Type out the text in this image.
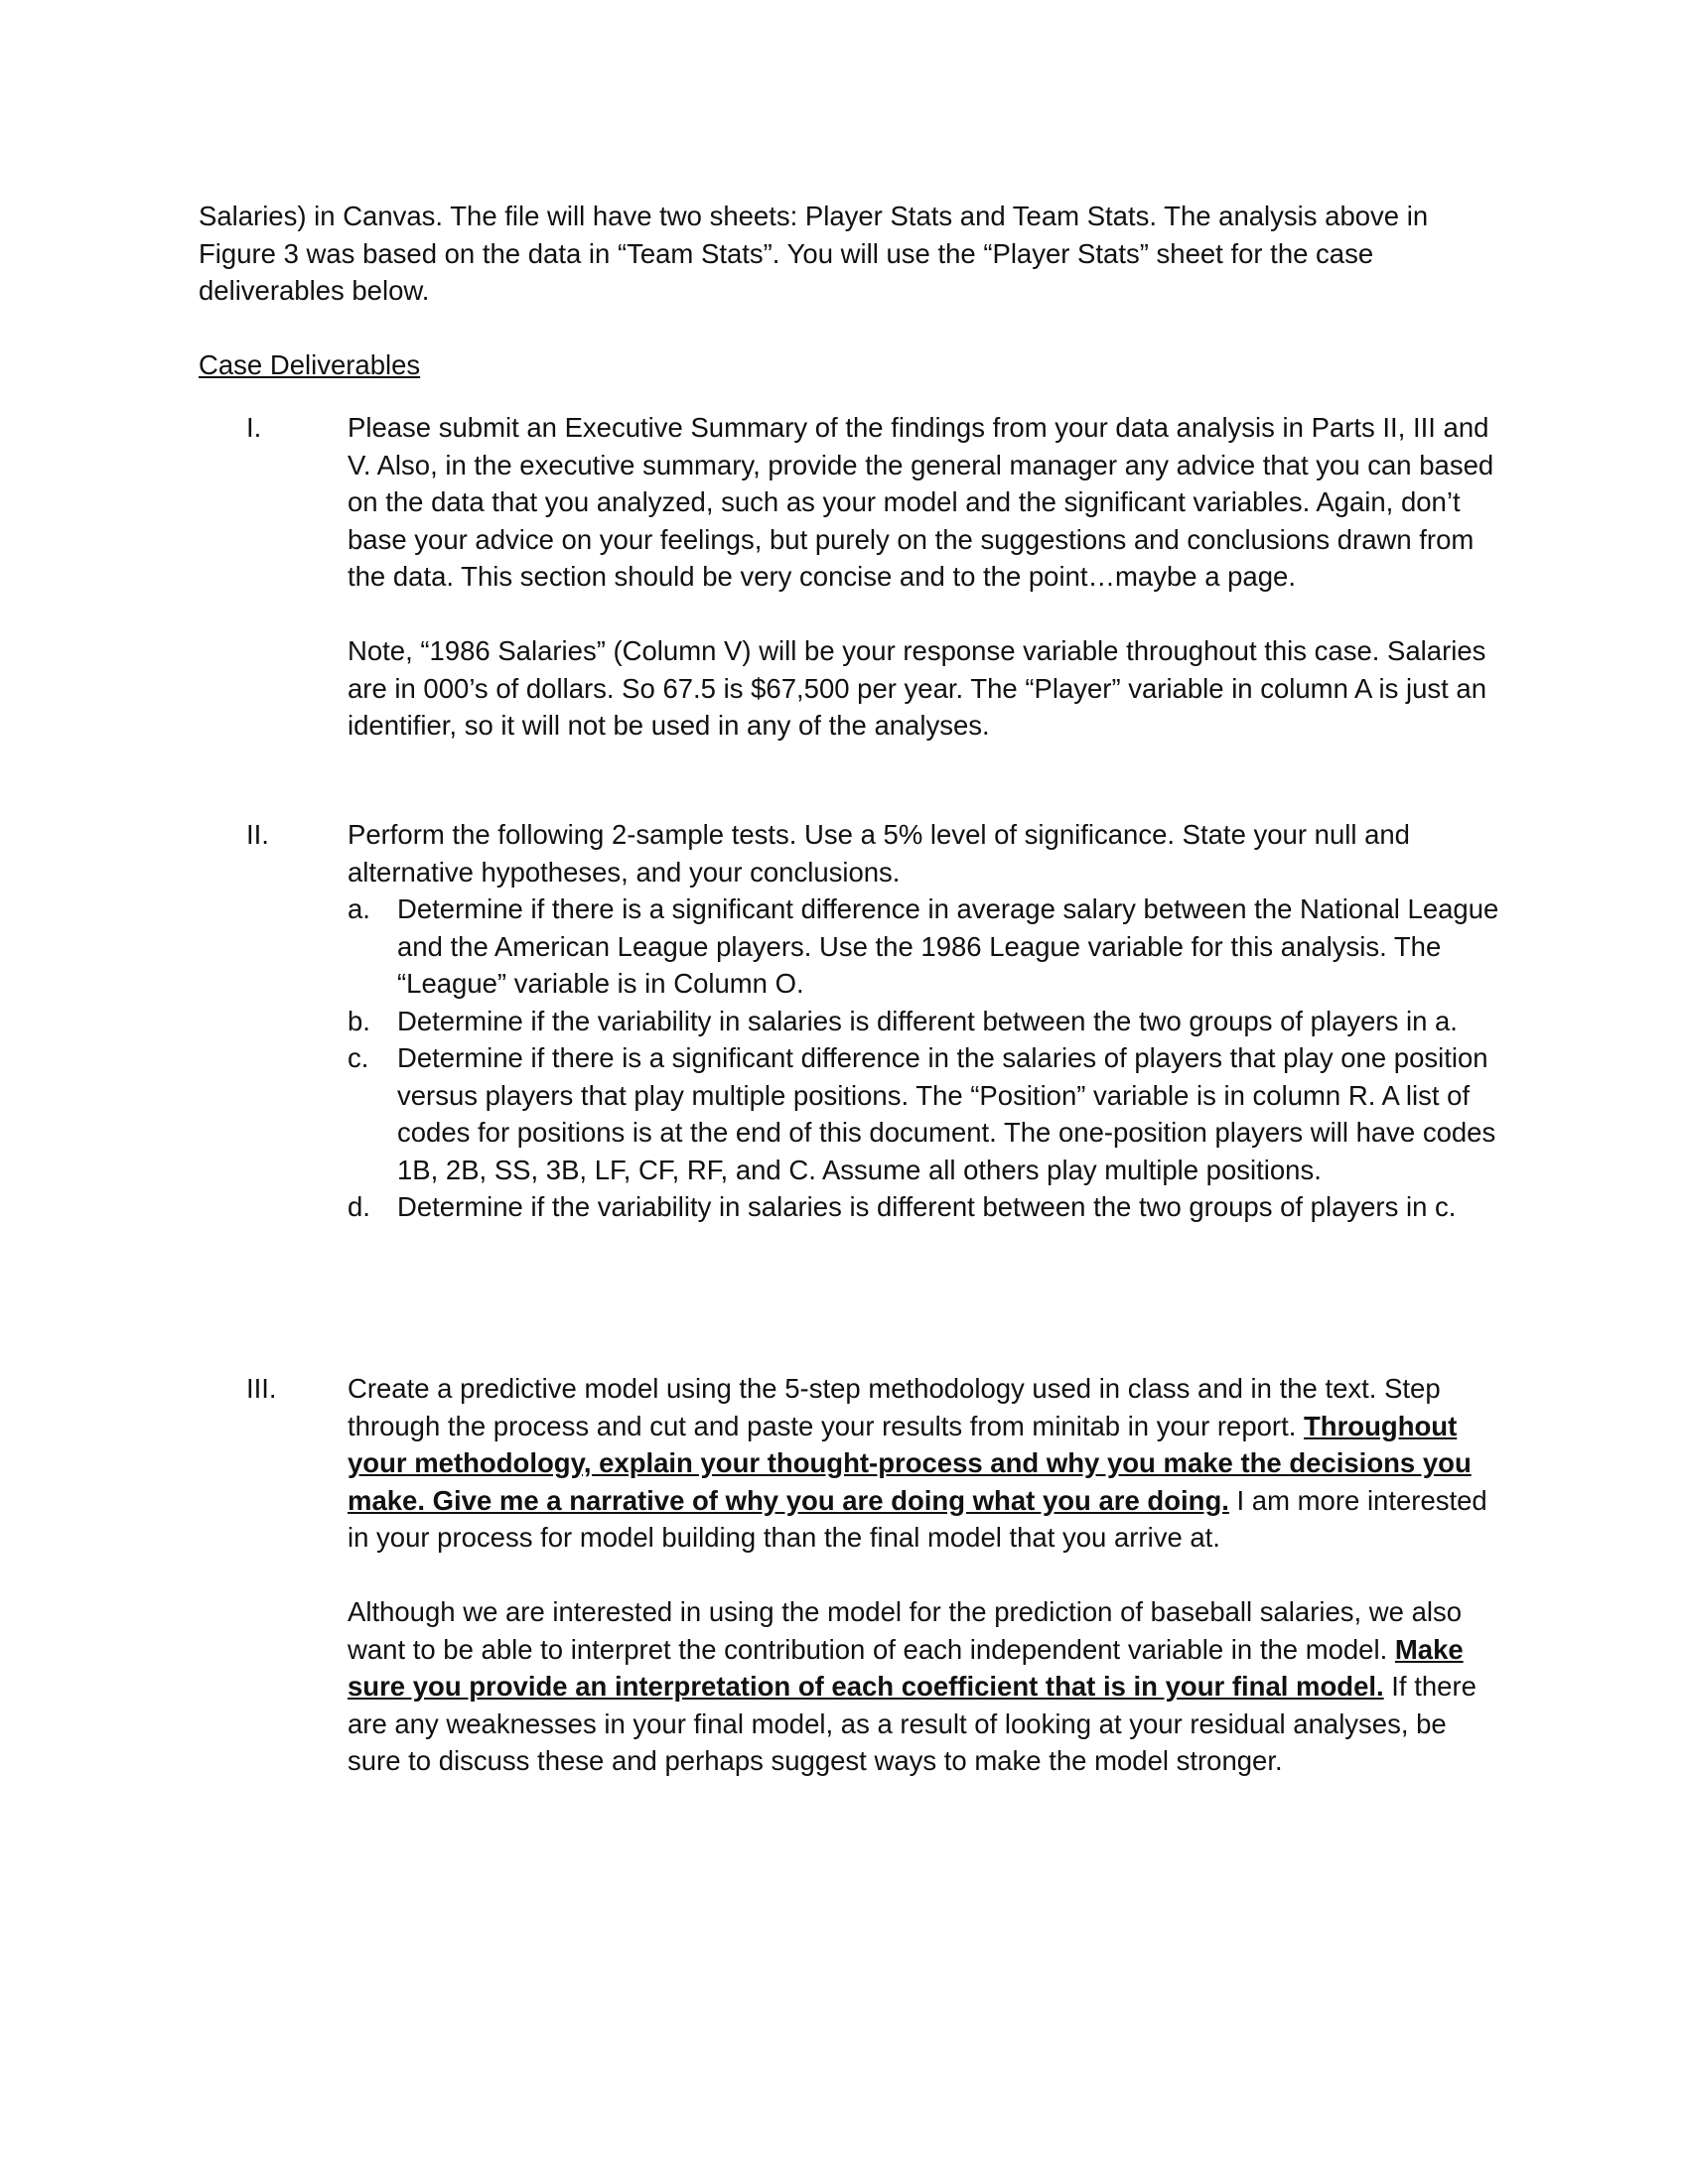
Salaries) in Canvas. The file will have two sheets: Player Stats and Team Stats. The analysis above in Figure 3 was based on the data in “Team Stats”. You will use the “Player Stats” sheet for the case deliverables below.

Case Deliverables

I.	Please submit an Executive Summary of the findings from your data analysis in Parts II, III and V. Also, in the executive summary, provide the general manager any advice that you can based on the data that you analyzed, such as your model and the significant variables. Again, don’t base your advice on your feelings, but purely on the suggestions and conclusions drawn from the data. This section should be very concise and to the point…maybe a page.

Note, “1986 Salaries” (Column V) will be your response variable throughout this case. Salaries are in 000’s of dollars. So 67.5 is $67,500 per year. The “Player” variable in column A is just an identifier, so it will not be used in any of the analyses.

II.	Perform the following 2-sample tests. Use a 5% level of significance. State your null and alternative hypotheses, and your conclusions.

a. Determine if there is a significant difference in average salary between the National League and the American League players. Use the 1986 League variable for this analysis. The “League” variable is in Column O.

b. Determine if the variability in salaries is different between the two groups of players in a.

c. Determine if there is a significant difference in the salaries of players that play one position versus players that play multiple positions. The “Position” variable is in column R. A list of codes for positions is at the end of this document. The one-position players will have codes 1B, 2B, SS, 3B, LF, CF, RF, and C. Assume all others play multiple positions.

d. Determine if the variability in salaries is different between the two groups of players in c.

III.	Create a predictive model using the 5-step methodology used in class and in the text. Step through the process and cut and paste your results from minitab in your report. Throughout your methodology, explain your thought-process and why you make the decisions you make. Give me a narrative of why you are doing what you are doing. I am more interested in your process for model building than the final model that you arrive at.

Although we are interested in using the model for the prediction of baseball salaries, we also want to be able to interpret the contribution of each independent variable in the model. Make sure you provide an interpretation of each coefficient that is in your final model. If there are any weaknesses in your final model, as a result of looking at your residual analyses, be sure to discuss these and perhaps suggest ways to make the model stronger.
